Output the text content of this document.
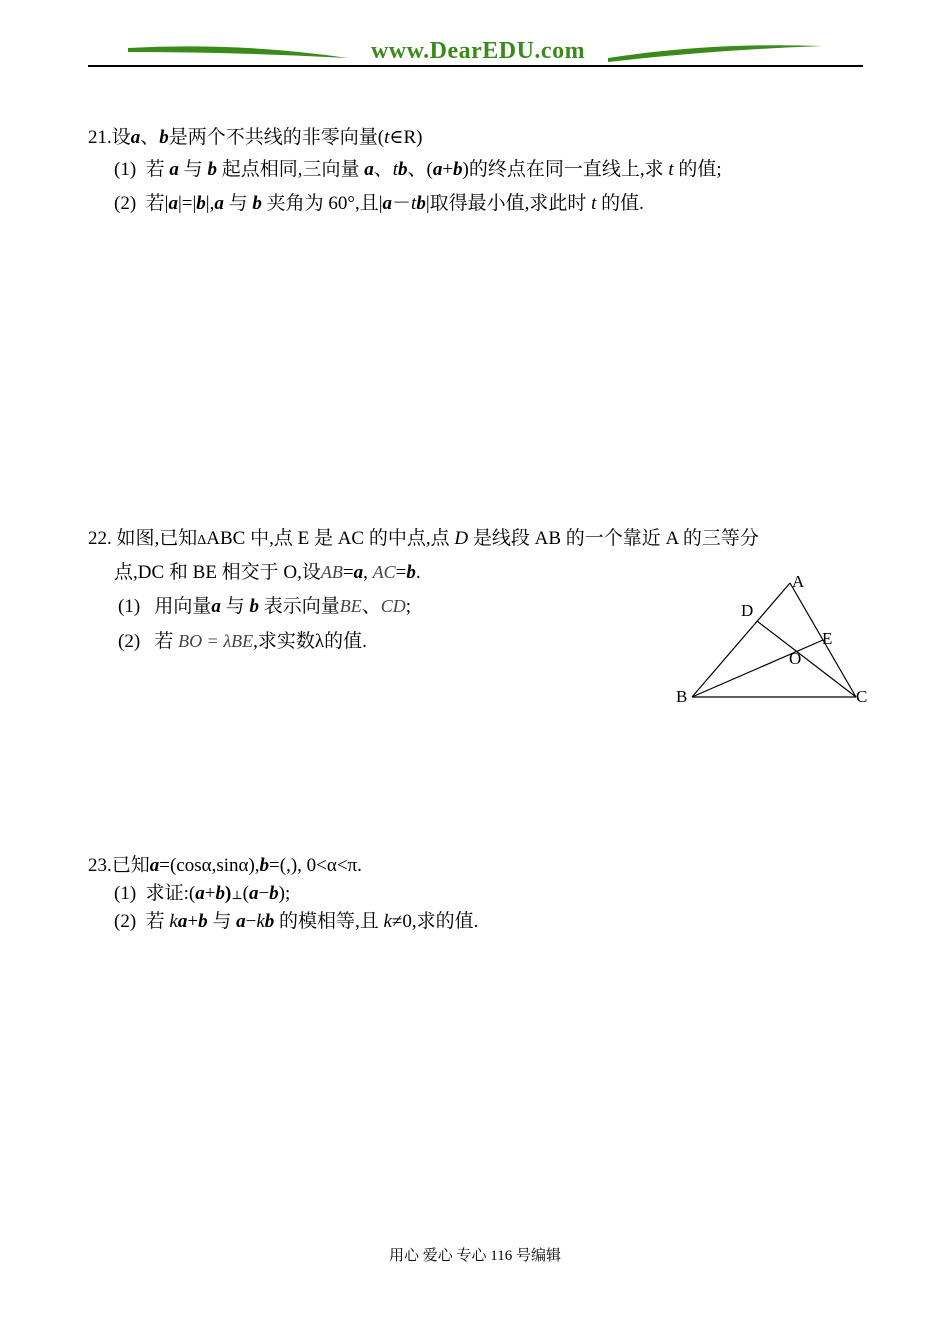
www.DearEDU.com
21.设a、b是两个不共线的非零向量(t∈R)
(1) 若 a 与 b 起点相同,三向量 a、tb、(a+b)的终点在同一直线上,求 t 的值;
(2) 若|a|=|b|,a 与 b 夹角为 60°,且|a－tb|取得最小值,求此时 t 的值.
22. 如图,已知ΔABC 中,点 E 是 AC 的中点,点 D 是线段 AB 的一个靠近 A 的三等分
点,DC 和 BE 相交于 O,设AB=a, AC=b.
(1) 用向量a 与 b 表示向量BE、CD;
(2) 若 BO = λBE,求实数λ的值.
A
D
E
O
B	C
23.已知a=(cosα,sinα),b=(,), 0<α<π.
(1) 求证:(a+b)⊥(a−b);
(2) 若 ka+b 与 a−kb 的模相等,且 k≠0,求的值.
用心 爱心 专心 116 号编辑
